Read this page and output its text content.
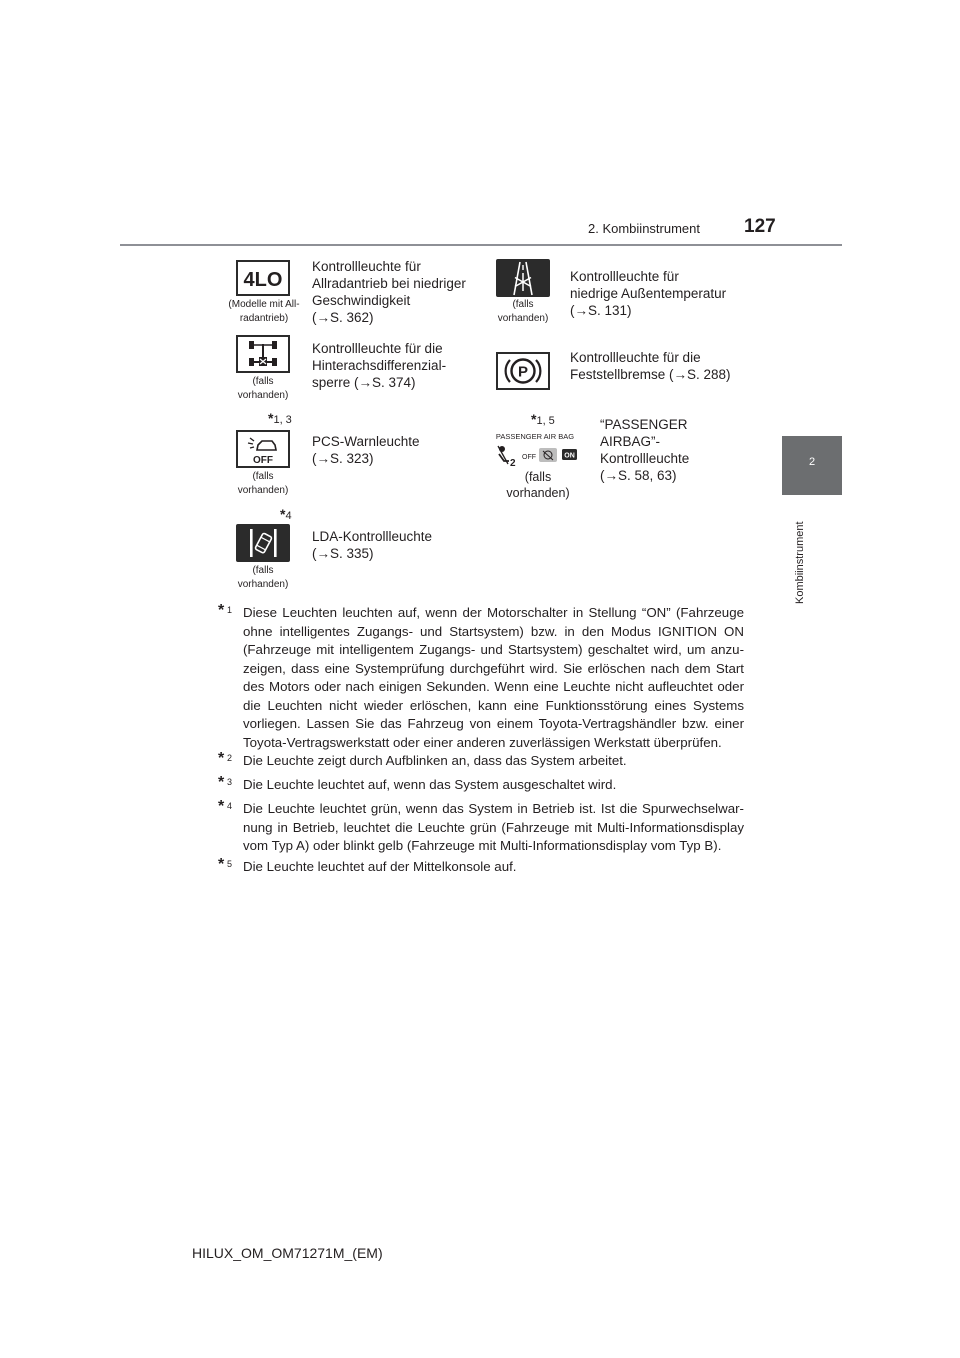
2. Kombiinstrument 127
2
Kombiinstrument
4LO
(Modelle mit All-
radantrieb)
Kontrollleuchte für
Allradantrieb bei niedriger
Geschwindigkeit
(→S. 362)
(falls
vorhanden)
Kontrollleuchte für
niedrige Außentemperatur
(→S. 131)
(falls
vorhanden)
Kontrollleuchte für die
Hinterachsdifferenzial-
sperre (→S. 374)
P
Kontrollleuchte für die
Feststellbremse (→S. 288)
*1, 3
OFF
(falls
vorhanden)
PCS-Warnleuchte
(→S. 323)
*1, 5
PASSENGER AIR BAG
2
OFF	ON
(falls
vorhanden)
“PASSENGER
AIRBAG”-
Kontrollleuchte
(→S. 58, 63)
*4
(falls
vorhanden)
LDA-Kontrollleuchte
(→S. 335)
* 1 Diese Leuchten leuchten auf, wenn der Motorschalter in Stellung “ON” (Fahrzeuge ohne intelligentes Zugangs- und Startsystem) bzw. in den Modus IGNITION ON (Fahrzeuge mit intelligentem Zugangs- und Startsystem) geschaltet wird, um anzu-zeigen, dass eine Systemprüfung durchgeführt wird. Sie erlöschen nach dem Start des Motors oder nach einigen Sekunden. Wenn eine Leuchte nicht aufleuchtet oder die Leuchten nicht wieder erlöschen, kann eine Funktionsstörung eines Systems vorliegen. Lassen Sie das Fahrzeug von einem Toyota-Vertragshändler bzw. einer Toyota-Vertragswerkstatt oder einer anderen zuverlässigen Werkstatt überprüfen.
* 2 Die Leuchte zeigt durch Aufblinken an, dass das System arbeitet.
* 3 Die Leuchte leuchtet auf, wenn das System ausgeschaltet wird.
* 4 Die Leuchte leuchtet grün, wenn das System in Betrieb ist. Ist die Spurwechselwar-nung in Betrieb, leuchtet die Leuchte grün (Fahrzeuge mit Multi-Informationsdisplay vom Typ A) oder blinkt gelb (Fahrzeuge mit Multi-Informationsdisplay vom Typ B).
* 5 Die Leuchte leuchtet auf der Mittelkonsole auf.
HILUX_OM_OM71271M_(EM)
